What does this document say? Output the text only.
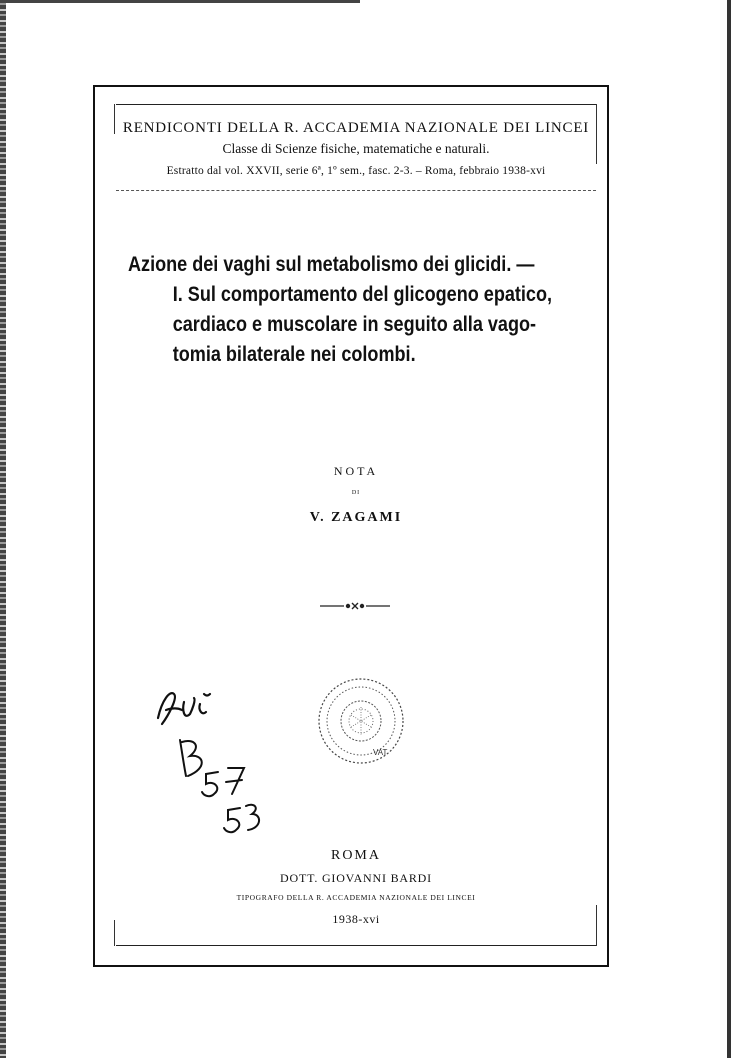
RENDICONTI DELLA R. ACCADEMIA NAZIONALE DEI LINCEI

Classe di Scienze fisiche, matematiche e naturali.

Estratto dal vol. XXVII, serie 6ª, 1º sem., fasc. 2-3. – Roma, febbraio 1938-xvi

Azione dei vaghi sul metabolismo dei glicidi. —

I. Sul comportamento del glicogeno epatico,

cardiaco e muscolare in seguito alla vago-

tomia bilaterale nei colombi.

NOTA
DI
V. ZAGAMI
VAT
ROMA
DOTT. GIOVANNI BARDI
TIPOGRAFO DELLA R. ACCADEMIA NAZIONALE DEI LINCEI
1938-xvi
